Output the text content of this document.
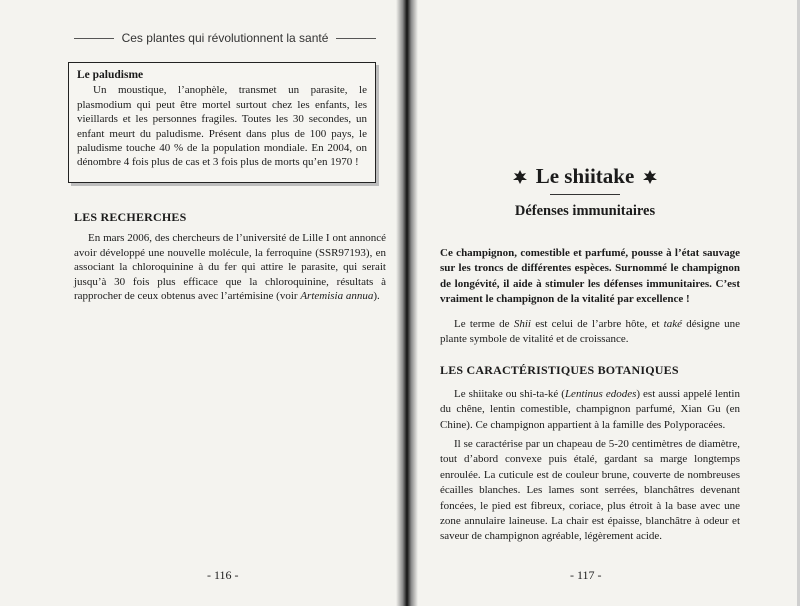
Ces plantes qui révolutionnent la santé
Le paludisme

Un moustique, l’anophèle, transmet un parasite, le plasmodium qui peut être mortel surtout chez les enfants, les vieillards et les personnes fragiles. Toutes les 30 secondes, un enfant meurt du paludisme. Présent dans plus de 100 pays, le paludisme touche 40 % de la population mondiale. En 2004, on dénombre 4 fois plus de cas et 3 fois plus de morts qu’en 1970 !

LES RECHERCHES

En mars 2006, des chercheurs de l’université de Lille I ont annoncé avoir développé une nouvelle molécule, la ferroquine (SSR97193), en associant la chloroquinine à du fer qui attire le parasite, qui serait jusqu’à 30 fois plus efficace que la chloroquinine, résultats à rapprocher de ceux obtenus avec l’artémisine (voir Artemisia annua).

- 116 -
Le shiitake
Défenses immunitaires

Ce champignon, comestible et parfumé, pousse à l’état sauvage sur les troncs de différentes espèces. Surnommé le champignon de longévité, il aide à stimuler les défenses immunitaires. C’est vraiment le champignon de la vitalité par excellence !

Le terme de Shii est celui de l’arbre hôte, et také désigne une plante symbole de vitalité et de croissance.

LES CARACTÉRISTIQUES BOTANIQUES

Le shiitake ou shi-ta-ké (Lentinus edodes) est aussi appelé lentin du chêne, lentin comestible, champignon parfumé, Xian Gu (en Chine). Ce champignon appartient à la famille des Polyporacées.

Il se caractérise par un chapeau de 5-20 centimètres de diamètre, tout d’abord convexe puis étalé, gardant sa marge longtemps enroulée. La cuticule est de couleur brune, couverte de nombreuses écailles blanches. Les lames sont serrées, blanchâtres devenant foncées, le pied est fibreux, coriace, plus étroit à la base avec une zone annulaire laineuse. La chair est épaisse, blanchâtre à odeur et saveur de champignon agréable, légèrement acide.

- 117 -
